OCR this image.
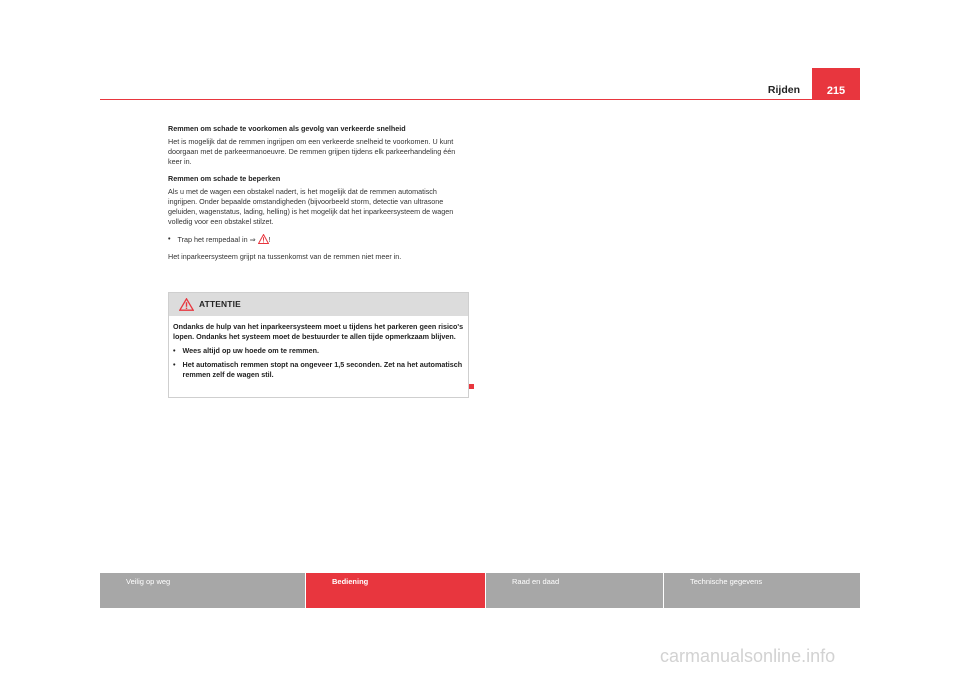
Rijden	215

Remmen om schade te voorkomen als gevolg van verkeerde snelheid

Het is mogelijk dat de remmen ingrijpen om een verkeerde snelheid te voorkomen. U kunt doorgaan met de parkeermanoeuvre. De remmen grijpen tijdens elk parkeerhandeling één keer in.

Remmen om schade te beperken

Als u met de wagen een obstakel nadert, is het mogelijk dat de remmen automatisch ingrijpen. Onder bepaalde omstandigheden (bijvoorbeeld storm, detectie van ultrasone geluiden, wagenstatus, lading, helling) is het mogelijk dat het inparkeersysteem de wagen volledig voor een obstakel stilzet.

• Trap het rempedaal in ⇒ !

Het inparkeersysteem grijpt na tussenkomst van de remmen niet meer in.

ATTENTIE

Ondanks de hulp van het inparkeersysteem moet u tijdens het parkeren geen risico's lopen. Ondanks het systeem moet de bestuurder te allen tijde opmerkzaam blijven.

• Wees altijd op uw hoede om te remmen.
• Het automatisch remmen stopt na ongeveer 1,5 seconden. Zet na het automatisch remmen zelf de wagen stil.
Veilig op weg	Bediening	Raad en daad	Technische gegevens
carmanualsonline.info
